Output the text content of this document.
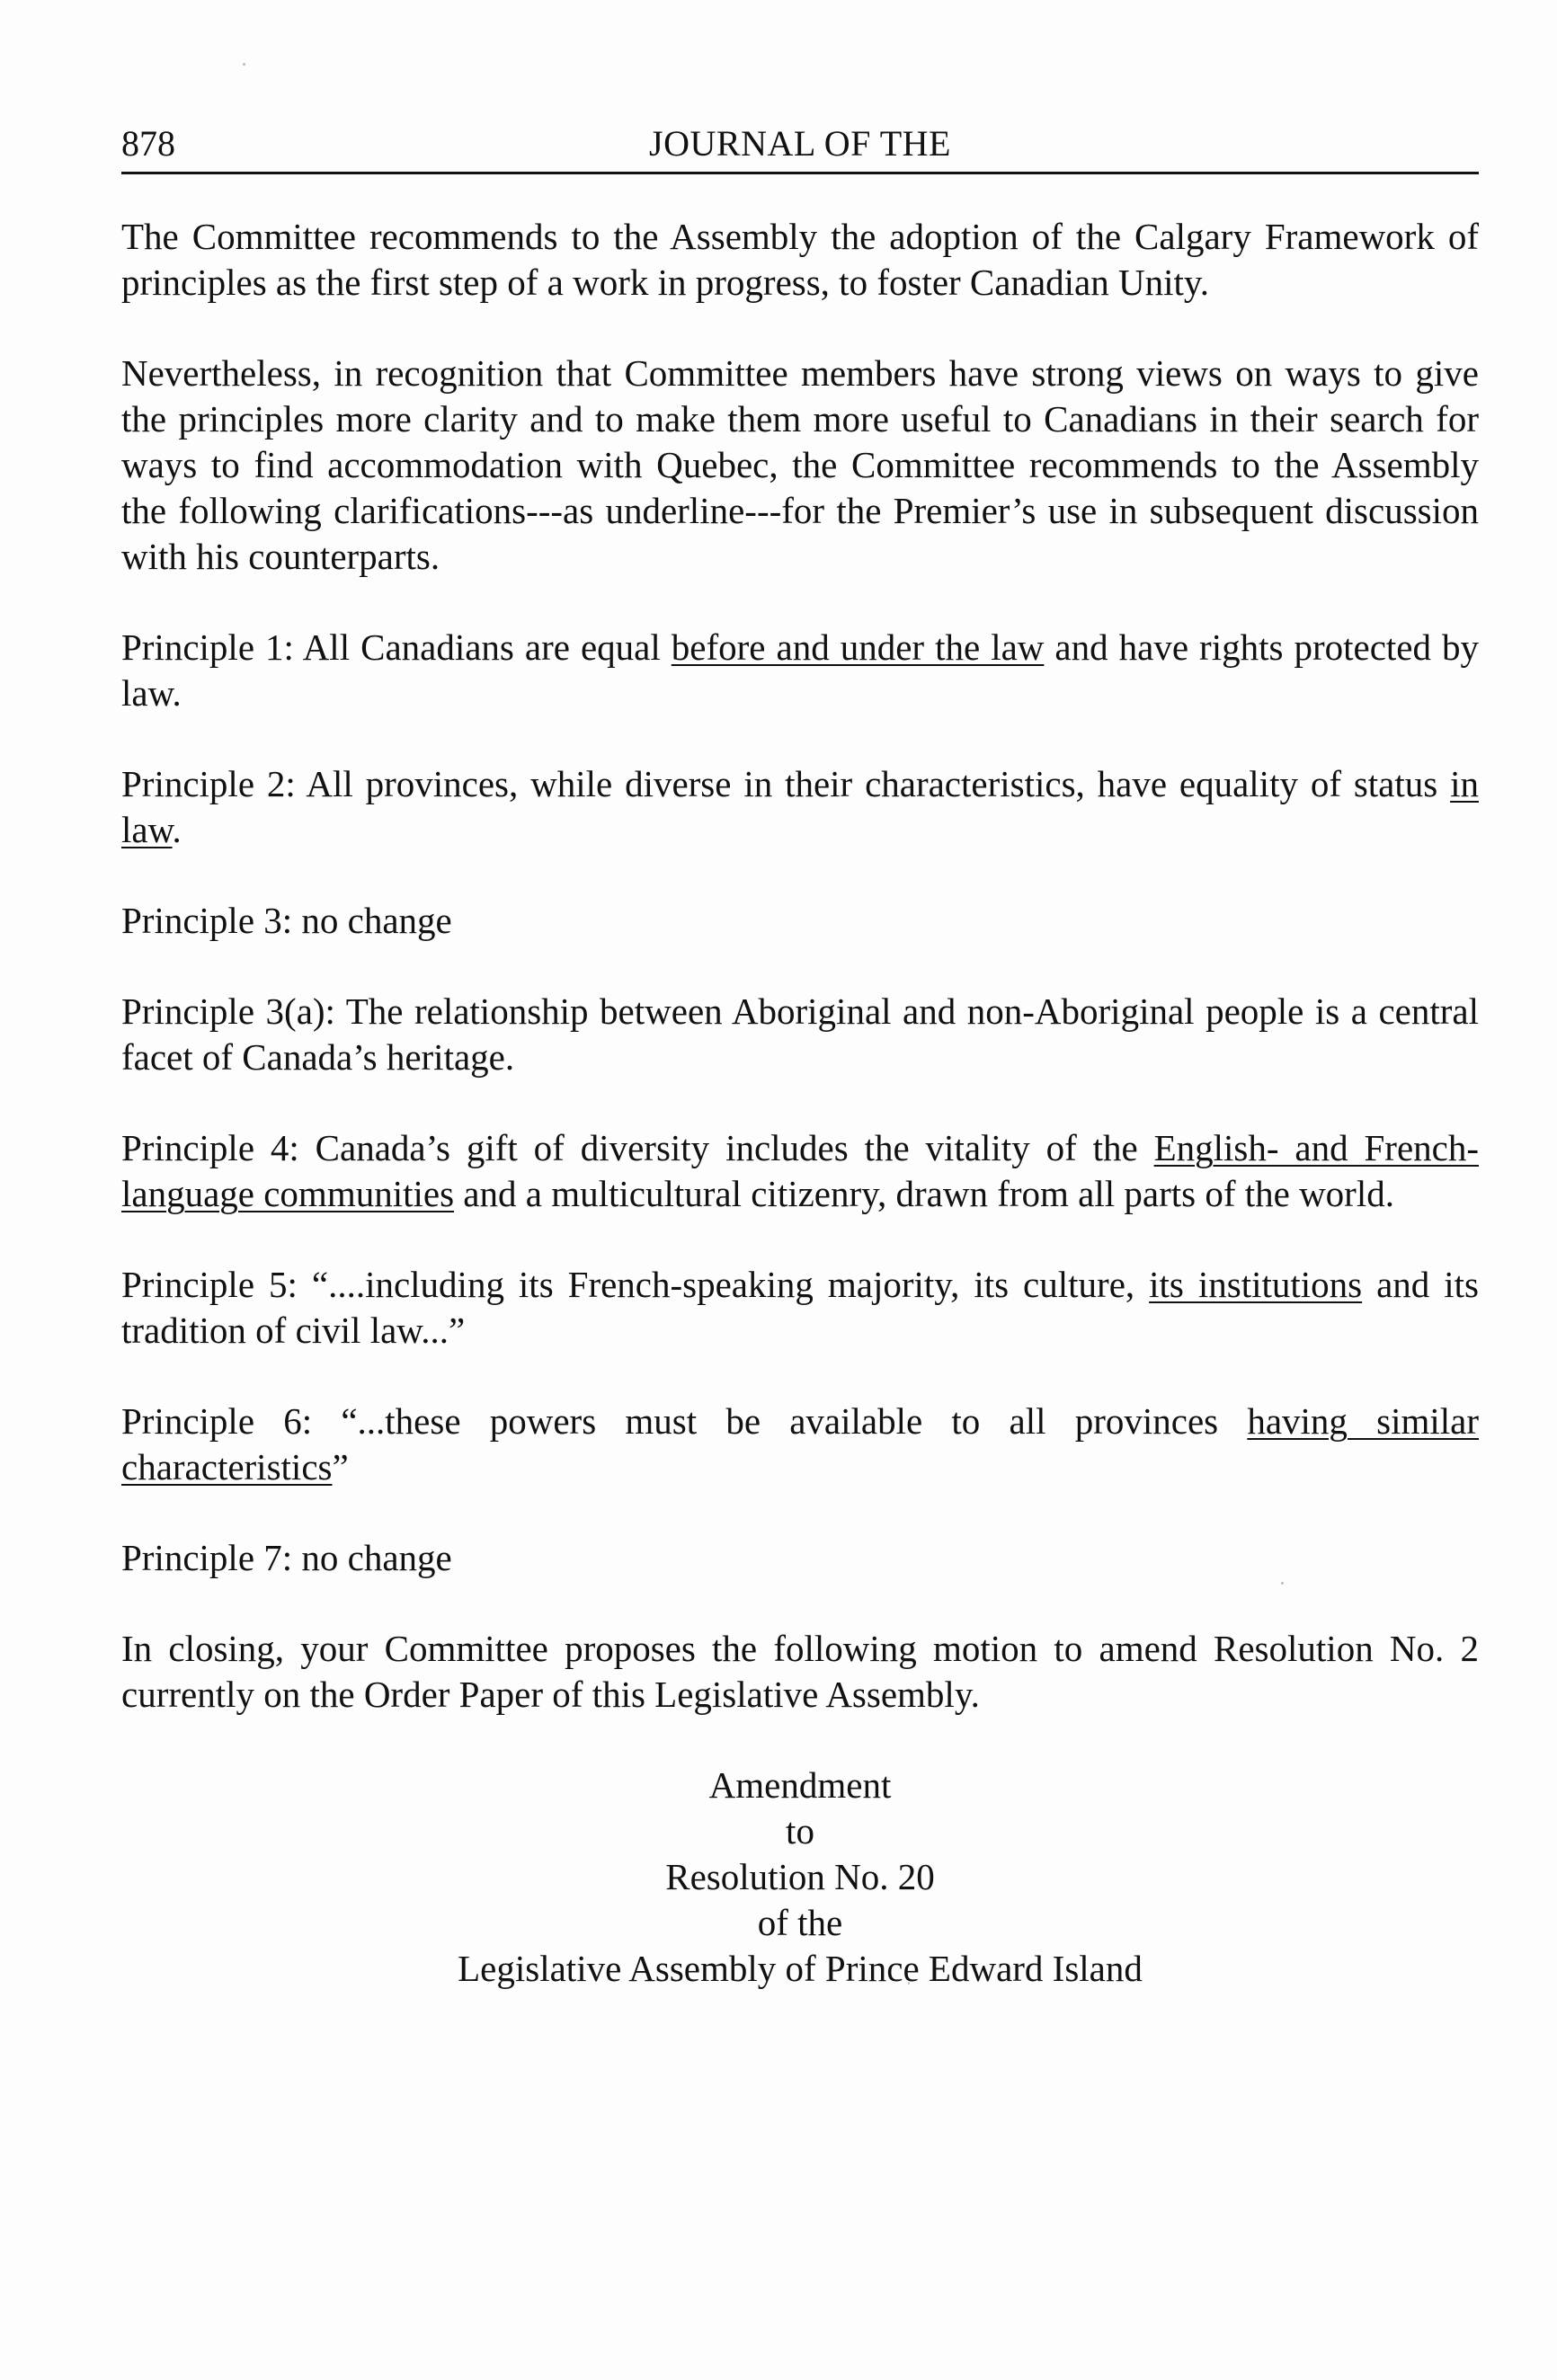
878	JOURNAL OF THE

The Committee recommends to the Assembly the adoption of the Calgary Framework of principles as the first step of a work in progress, to foster Canadian Unity.

Nevertheless, in recognition that Committee members have strong views on ways to give the principles more clarity and to make them more useful to Canadians in their search for ways to find accommodation with Quebec, the Committee recommends to the Assembly the following clarifications---as underline---for the Premier’s use in subsequent discussion with his counterparts.

Principle 1: All Canadians are equal before and under the law and have rights protected by law.

Principle 2: All provinces, while diverse in their characteristics, have equality of status in law.

Principle 3: no change

Principle 3(a): The relationship between Aboriginal and non-Aboriginal people is a central facet of Canada’s heritage.

Principle 4: Canada’s gift of diversity includes the vitality of the English- and French-language communities and a multicultural citizenry, drawn from all parts of the world.

Principle 5: “....including its French-speaking majority, its culture, its institutions and its tradition of civil law...”

Principle 6: “...these powers must be available to all provinces having similar characteristics”

Principle 7: no change

In closing, your Committee proposes the following motion to amend Resolution No. 2 currently on the Order Paper of this Legislative Assembly.

Amendment
to
Resolution No. 20
of the
Legislative Assembly of Prince Edward Island
